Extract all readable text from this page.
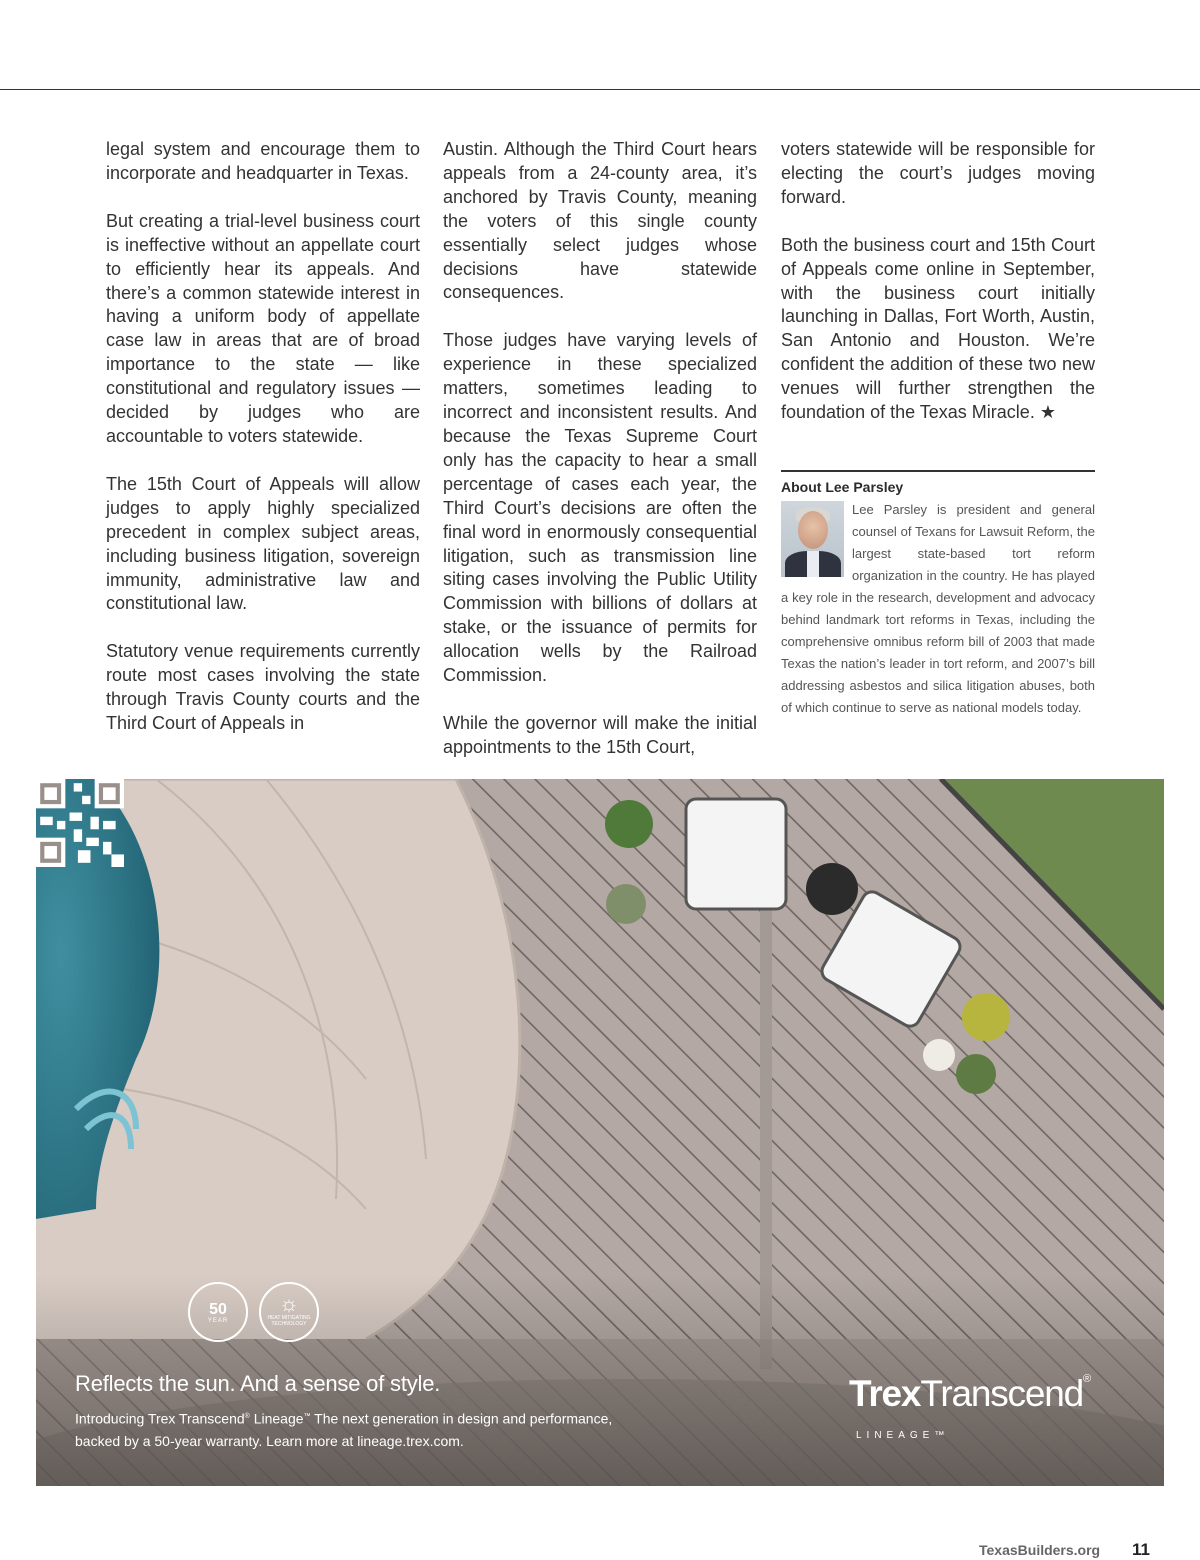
legal system and encourage them to incorporate and headquarter in Texas.

But creating a trial-level business court is ineffective without an appellate court to efficiently hear its appeals. And there’s a common statewide interest in having a uniform body of appellate case law in areas that are of broad importance to the state — like constitutional and regulatory issues — decided by judges who are accountable to voters statewide.

The 15th Court of Appeals will allow judges to apply highly specialized precedent in complex subject areas, including business litigation, sovereign immunity, administrative law and constitutional law.

Statutory venue requirements currently route most cases involving the state through Travis County courts and the Third Court of Appeals in

Austin. Although the Third Court hears appeals from a 24-county area, it’s anchored by Travis County, meaning the voters of this single county essentially select judges whose decisions have statewide consequences.

Those judges have varying levels of experience in these specialized matters, sometimes leading to incorrect and inconsistent results. And because the Texas Supreme Court only has the capacity to hear a small percentage of cases each year, the Third Court’s decisions are often the final word in enormously consequential litigation, such as transmission line siting cases involving the Public Utility Commission with billions of dollars at stake, or the issuance of permits for allocation wells by the Railroad Commission.

While the governor will make the initial appointments to the 15th Court,

voters statewide will be responsible for electing the court’s judges moving forward.

Both the business court and 15th Court of Appeals come online in September, with the business court initially launching in Dallas, Fort Worth, Austin, San Antonio and Houston. We’re confident the addition of these two new venues will further strengthen the foundation of the Texas Miracle. ★

About Lee Parsley
Lee Parsley is president and general counsel of Texans for Lawsuit Reform, the largest state-based tort reform organization in the country. He has played a key role in the research, development and advocacy behind landmark tort reforms in Texas, including the comprehensive omnibus reform bill of 2003 that made Texas the nation’s leader in tort reform, and 2007’s bill addressing asbestos and silica litigation abuses, both of which continue to serve as national models today.
50
YEAR
☼
HEAT MITIGATING TECHNOLOGY
Reflects the sun. And a sense of style.
Introducing Trex Transcend® Lineage™ The next generation in design and performance, backed by a 50-year warranty. Learn more at lineage.trex.com.
TrexTranscend®
LINEAGE™
TexasBuilders.org 11
